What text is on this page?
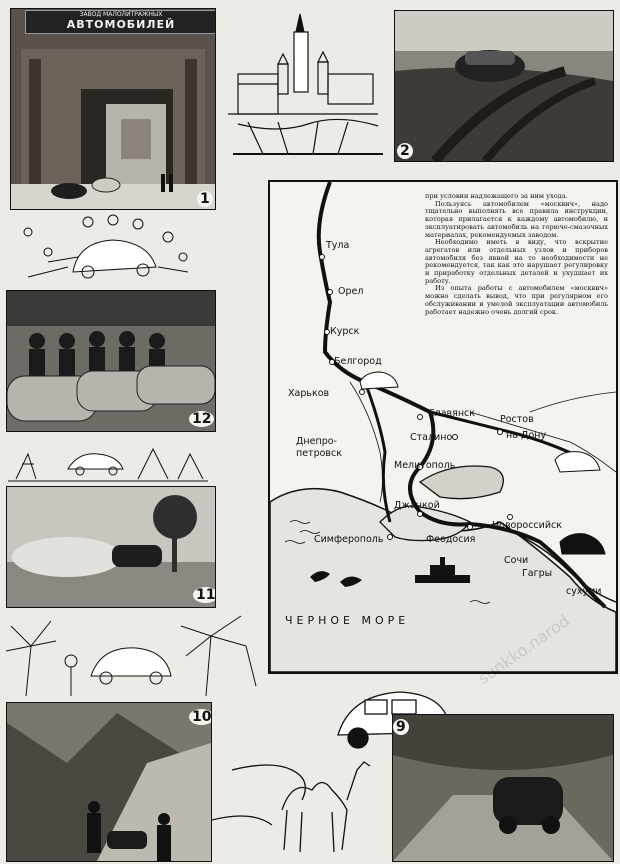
ЗАВОД МАЛОЛИТРАЖНЫХ
АВТОМОБИЛЕЙ
1
2
12
11
10
9
Тула
Орел
Курск
Белгород
Харьков
Славянск
Ростов
на Дону
Сталино
Днепро-
петровск
Мелитополь
Джанкой
Новороссийск
Симферополь	Феодосия
Сочи
Гагры
сухуми
ЧЕРНОЕ МОРЕ

при условии надлежащего за ним ухода.

Пользуясь автомобилем «москвич», надо тщательно выполнять все правила инструкции, которая прилагается к каждому автомобилю, и эксплуатировать автомобиль на горюче-смазочных материалах, рекомендуемых заводом.

Необходимо иметь в виду, что вскрытие агрегатов или отдельных узлов и приборов автомобиля без явной на то необходимости не рекомендуется, так как это нарушает регулировку и приработку отдельных деталей и ухудшает их работу.

Из опыта работы с автомобилем «москвич» можно сделать вывод, что при регулярном его обслуживании и умелой эксплуатации автомобиль работает надежно очень долгий срок.

sunkko.narod
